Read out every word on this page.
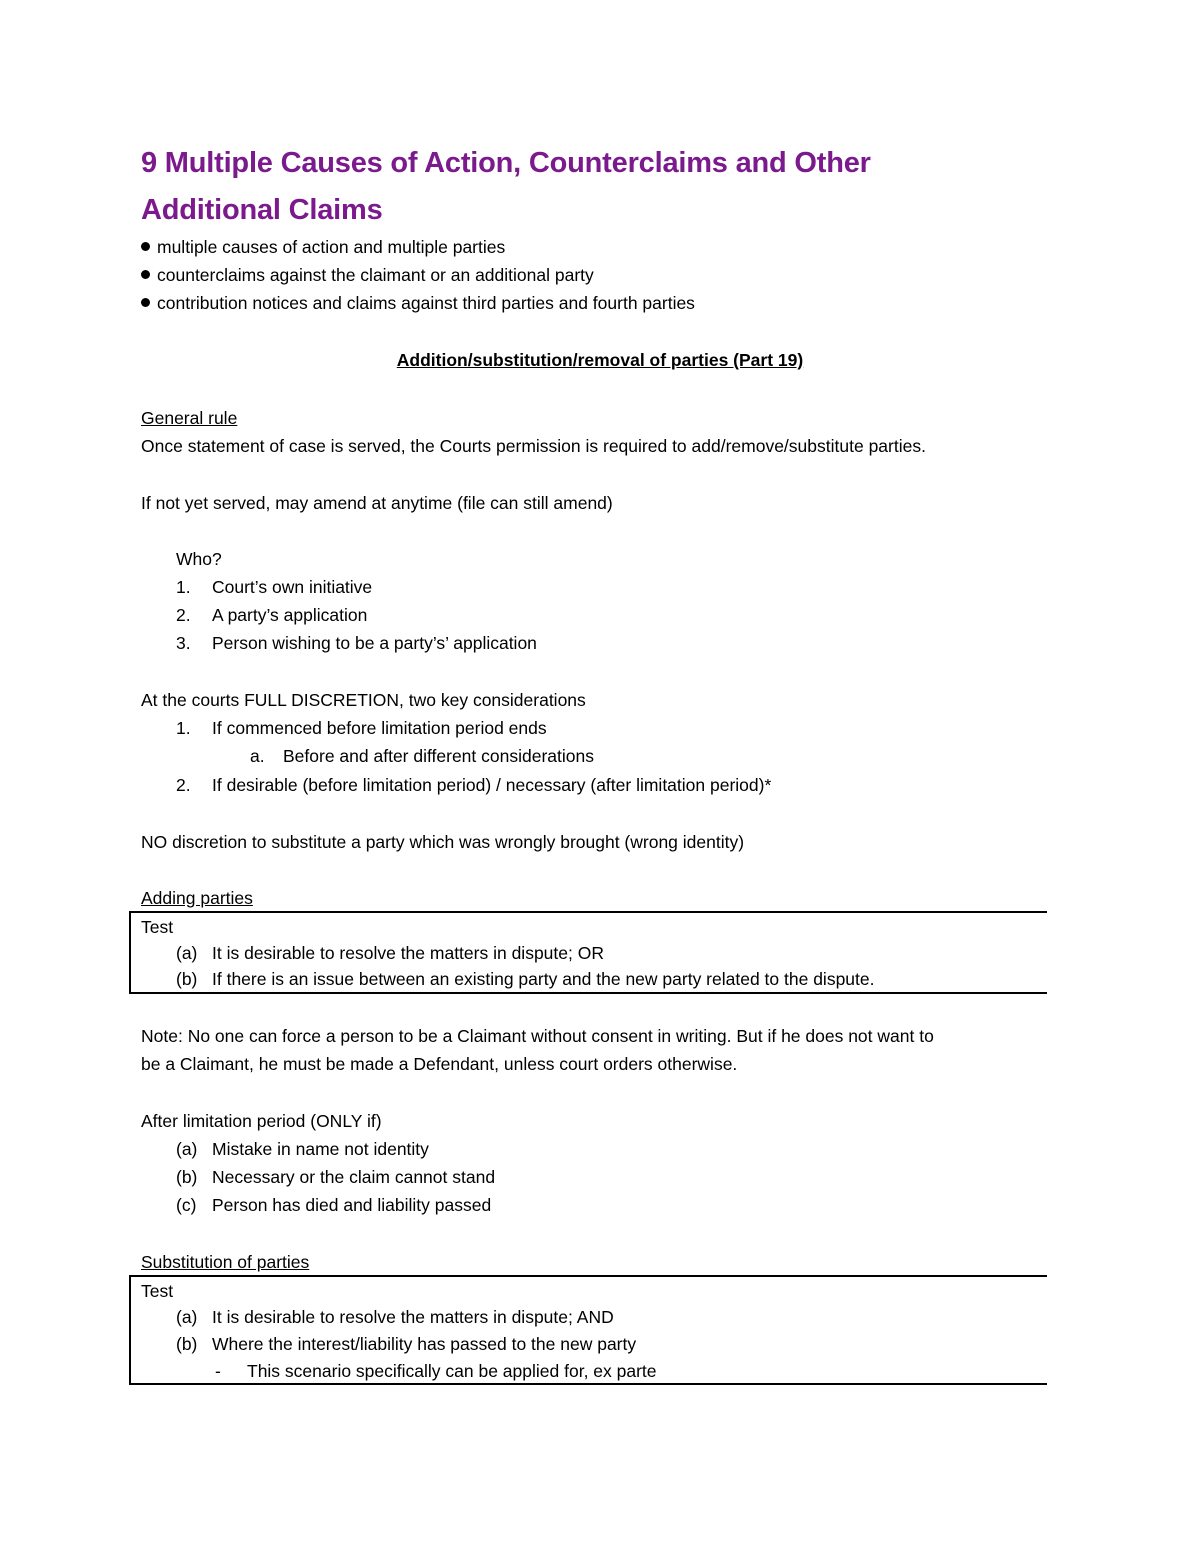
9 Multiple Causes of Action, Counterclaims and Other
Additional Claims
multiple causes of action and multiple parties
counterclaims against the claimant or an additional party
contribution notices and claims against third parties and fourth parties
Addition/substitution/removal of parties (Part 19)
General rule
Once statement of case is served, the Courts permission is required to add/remove/substitute parties.
If not yet served, may amend at anytime (file can still amend)
Who?
1. Court’s own initiative
2. A party’s application
3. Person wishing to be a party’s’ application
At the courts FULL DISCRETION, two key considerations
1. If commenced before limitation period ends
a. Before and after different considerations
2. If desirable (before limitation period) / necessary (after limitation period)*
NO discretion to substitute a party which was wrongly brought (wrong identity)
Adding parties
Test
(a) It is desirable to resolve the matters in dispute; OR
(b) If there is an issue between an existing party and the new party related to the dispute.
Note: No one can force a person to be a Claimant without consent in writing. But if he does not want to
be a Claimant, he must be made a Defendant, unless court orders otherwise.
After limitation period (ONLY if)
(a) Mistake in name not identity
(b) Necessary or the claim cannot stand
(c) Person has died and liability passed
Substitution of parties
Test
(a) It is desirable to resolve the matters in dispute; AND
(b) Where the interest/liability has passed to the new party
- This scenario specifically can be applied for, ex parte
